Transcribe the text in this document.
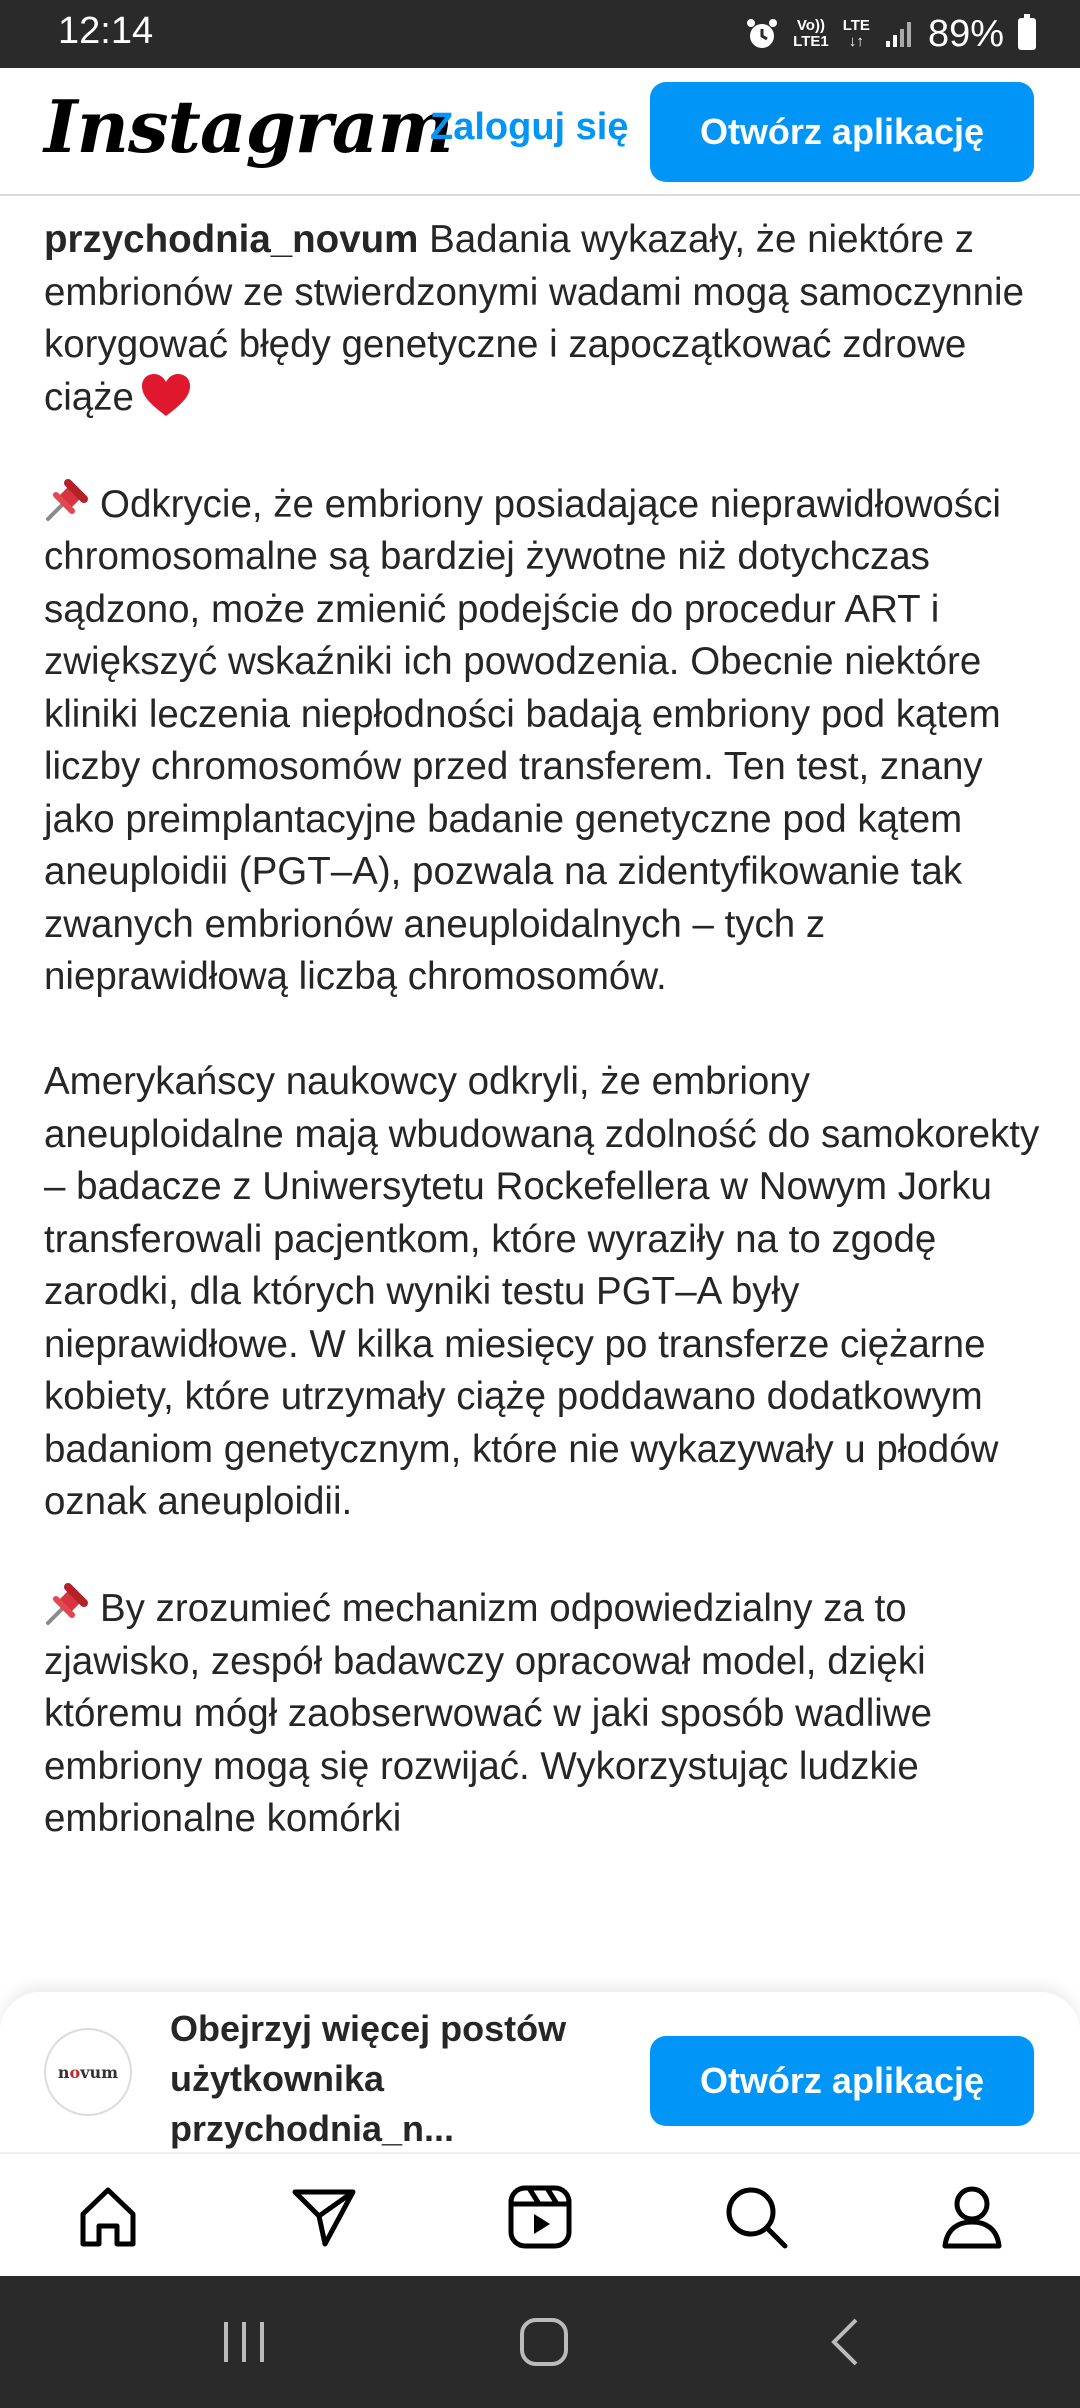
12:14	Vo))
LTE1
LTE
↓↑ 89%
Instagram
Zaloguj się	Otwórz aplikację

przychodnia_novum Badania wykazały, że niektóre z embrionów ze stwierdzonymi wadami mogą samoczynnie korygować błędy genetyczne i zapoczątkować zdrowe ciąże

Odkrycie, że embriony posiadające nieprawidłowości chromosomalne są bardziej żywotne niż dotychczas sądzono, może zmienić podejście do procedur ART i zwiększyć wskaźniki ich powodzenia. Obecnie niektóre kliniki leczenia niepłodności badają embriony pod kątem liczby chromosomów przed transferem. Ten test, znany jako preimplantacyjne badanie genetyczne pod kątem aneuploidii (PGT–A), pozwala na zidentyfikowanie tak zwanych embrionów aneuploidalnych – tych z nieprawidłową liczbą chromosomów.

Amerykańscy naukowcy odkryli, że embriony aneuploidalne mają wbudowaną zdolność do samokorekty – badacze z Uniwersytetu Rockefellera w Nowym Jorku transferowali pacjentkom, które wyraziły na to zgodę zarodki, dla których wyniki testu PGT–A były nieprawidłowe. W kilka miesięcy po transferze ciężarne kobiety, które utrzymały ciążę poddawano dodatkowym badaniom genetycznym, które nie wykazywały u płodów oznak aneuploidii.

By zrozumieć mechanizm odpowiedzialny za to zjawisko, zespół badawczy opracował model, dzięki któremu mógł zaobserwować w jaki sposób wadliwe embriony mogą się rozwijać. Wykorzystując ludzkie embrionalne komórki

novum
Obejrzyj więcej postów użytkownika przychodnia_n...
Otwórz aplikację
